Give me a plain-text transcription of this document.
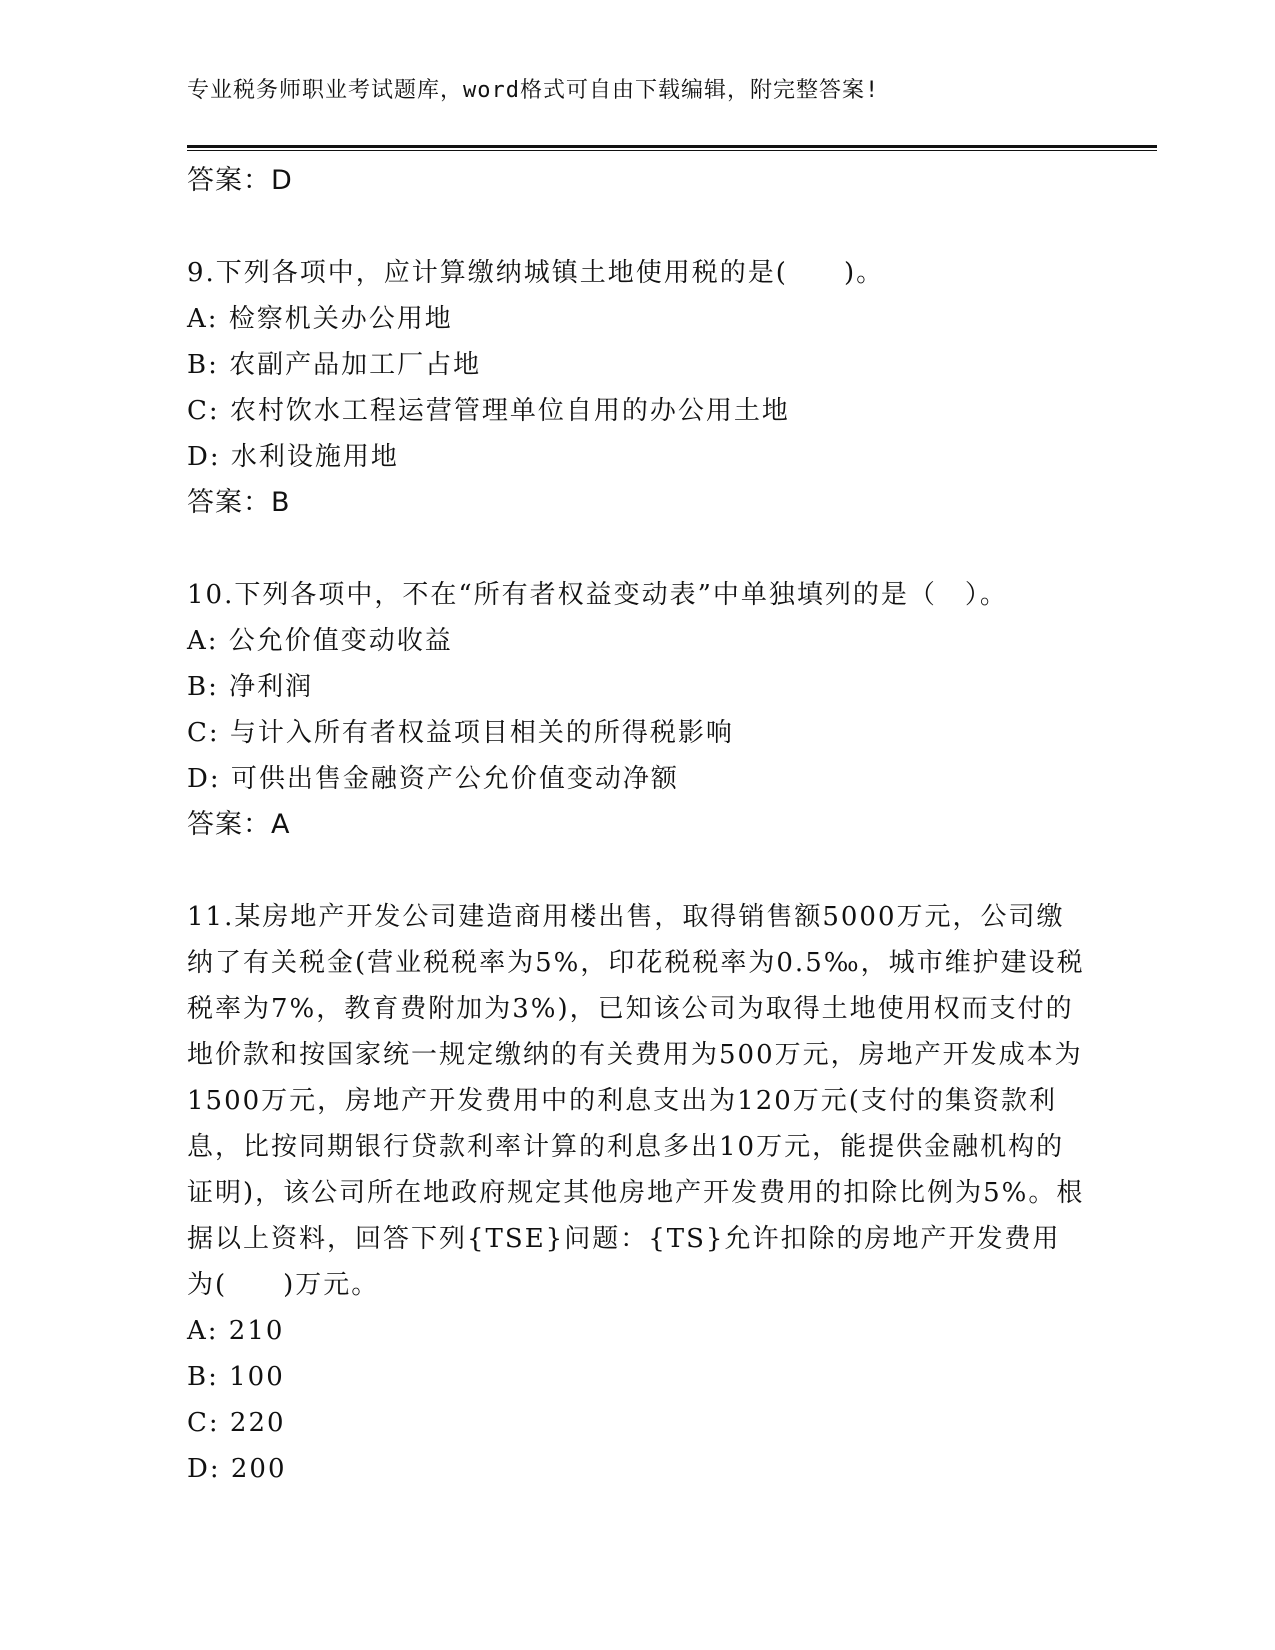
专业税务师职业考试题库，word格式可自由下载编辑，附完整答案!
答案：D

9.下列各项中，应计算缴纳城镇土地使用税的是(　　)。

A: 检察机关办公用地
B: 农副产品加工厂占地
C: 农村饮水工程运营管理单位自用的办公用土地
D: 水利设施用地
答案：B

10.下列各项中，不在“所有者权益变动表”中单独填列的是（　）。

A: 公允价值变动收益
B: 净利润
C: 与计入所有者权益项目相关的所得税影响
D: 可供出售金融资产公允价值变动净额
答案：A

11.某房地产开发公司建造商用楼出售，取得销售额5000万元，公司缴纳了有关税金(营业税税率为5%，印花税税率为0.5‰，城市维护建设税税率为7%，教育费附加为3%)，已知该公司为取得土地使用权而支付的地价款和按国家统一规定缴纳的有关费用为500万元，房地产开发成本为1500万元，房地产开发费用中的利息支出为120万元(支付的集资款利息，比按同期银行贷款利率计算的利息多出10万元，能提供金融机构的证明)，该公司所在地政府规定其他房地产开发费用的扣除比例为5%。根据以上资料，回答下列{TSE}问题：{TS}允许扣除的房地产开发费用为(　　)万元。

A: 210
B: 100
C: 220
D: 200
